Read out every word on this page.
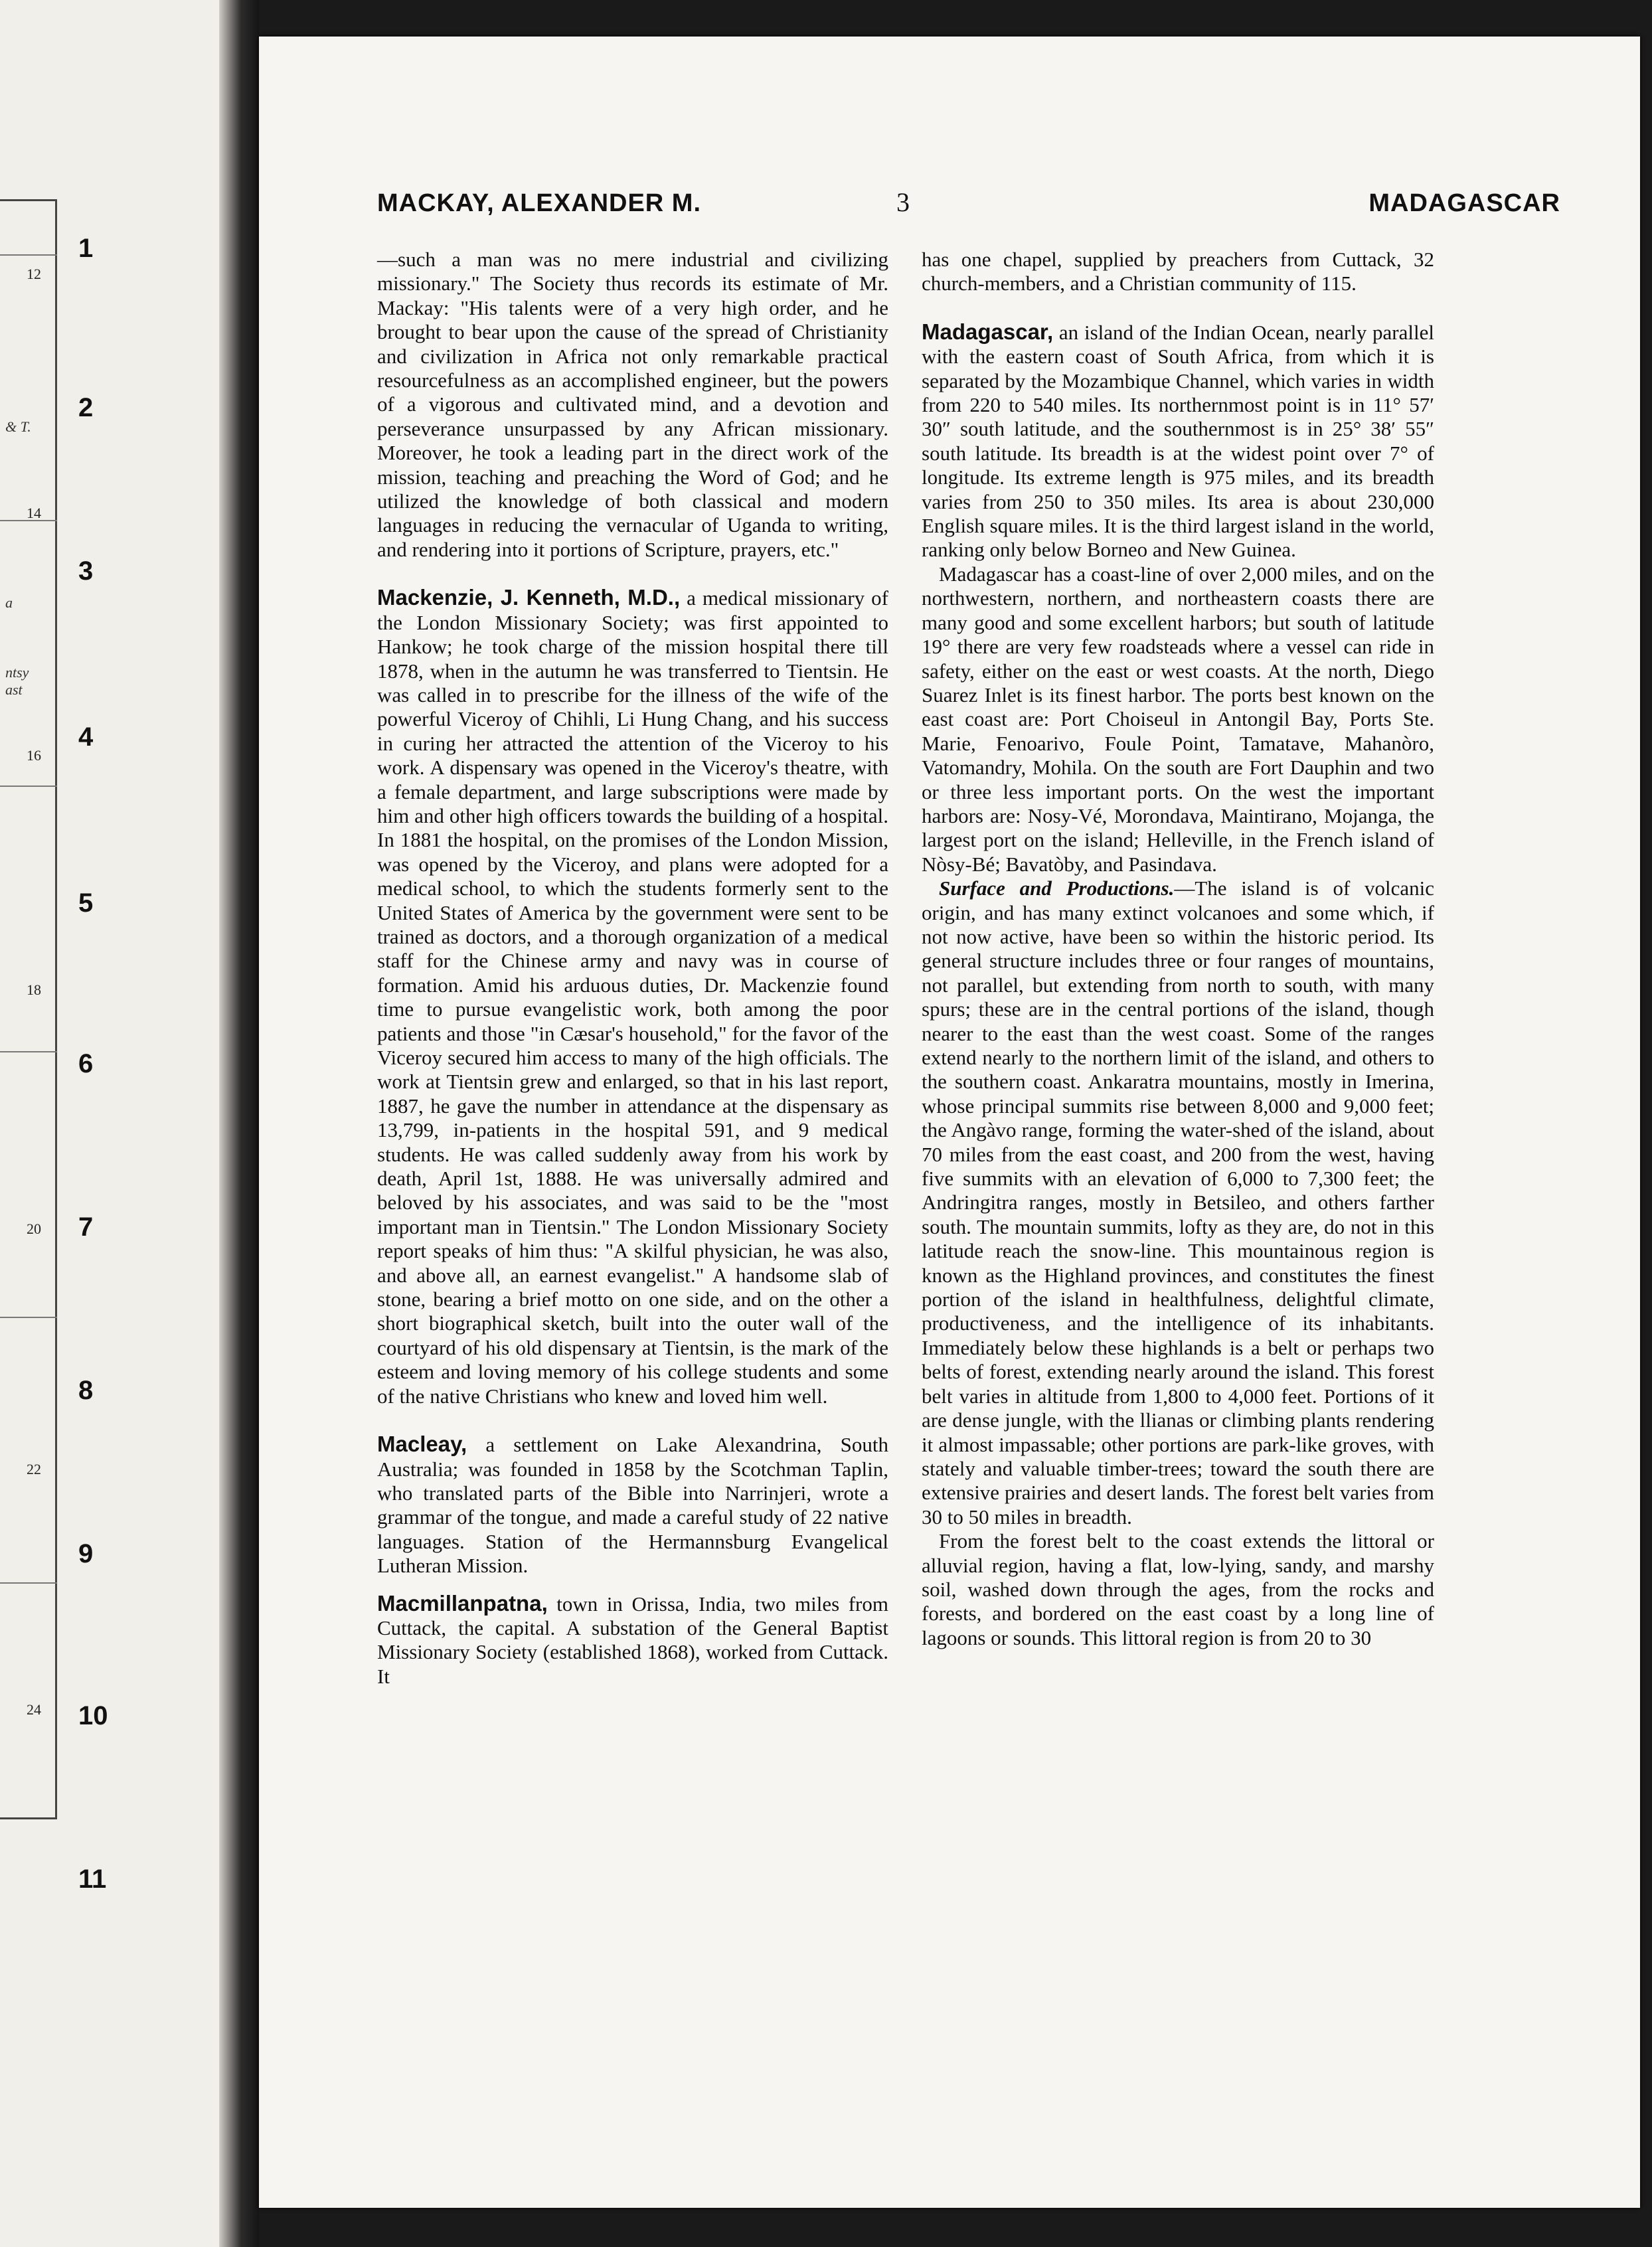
12
14
16
18
20
22
24
& T.
a
ntsy
ast
1
2
3
4
5
6
7
8
9
10
11
MACKAY, ALEXANDER M.	3	MADAGASCAR

—such a man was no mere industrial and civilizing missionary." The Society thus records its estimate of Mr. Mackay: "His talents were of a very high order, and he brought to bear upon the cause of the spread of Christianity and civilization in Africa not only remarkable practical resourcefulness as an accomplished engineer, but the powers of a vigorous and cultivated mind, and a devotion and perseverance unsurpassed by any African missionary. Moreover, he took a leading part in the direct work of the mission, teaching and preaching the Word of God; and he utilized the knowledge of both classical and modern languages in reducing the vernacular of Uganda to writing, and rendering into it portions of Scripture, prayers, etc."

Mackenzie, J. Kenneth, M.D., a medical missionary of the London Missionary Society; was first appointed to Hankow; he took charge of the mission hospital there till 1878, when in the autumn he was transferred to Tientsin. He was called in to prescribe for the illness of the wife of the powerful Viceroy of Chihli, Li Hung Chang, and his success in curing her attracted the attention of the Viceroy to his work. A dispensary was opened in the Viceroy's theatre, with a female department, and large subscriptions were made by him and other high officers towards the building of a hospital. In 1881 the hospital, on the promises of the London Mission, was opened by the Viceroy, and plans were adopted for a medical school, to which the students formerly sent to the United States of America by the government were sent to be trained as doctors, and a thorough organization of a medical staff for the Chinese army and navy was in course of formation. Amid his arduous duties, Dr. Mackenzie found time to pursue evangelistic work, both among the poor patients and those "in Cæsar's household," for the favor of the Viceroy secured him access to many of the high officials. The work at Tientsin grew and enlarged, so that in his last report, 1887, he gave the number in attendance at the dispensary as 13,799, in-patients in the hospital 591, and 9 medical students. He was called suddenly away from his work by death, April 1st, 1888. He was universally admired and beloved by his associates, and was said to be the "most important man in Tientsin." The London Missionary Society report speaks of him thus: "A skilful physician, he was also, and above all, an earnest evangelist." A handsome slab of stone, bearing a brief motto on one side, and on the other a short biographical sketch, built into the outer wall of the courtyard of his old dispensary at Tientsin, is the mark of the esteem and loving memory of his college students and some of the native Christians who knew and loved him well.

Macleay, a settlement on Lake Alexandrina, South Australia; was founded in 1858 by the Scotchman Taplin, who translated parts of the Bible into Narrinjeri, wrote a grammar of the tongue, and made a careful study of 22 native languages. Station of the Hermannsburg Evangelical Lutheran Mission.

Macmillanpatna, town in Orissa, India, two miles from Cuttack, the capital. A substation of the General Baptist Missionary Society (established 1868), worked from Cuttack. It

has one chapel, supplied by preachers from Cuttack, 32 church-members, and a Christian community of 115.

Madagascar, an island of the Indian Ocean, nearly parallel with the eastern coast of South Africa, from which it is separated by the Mozambique Channel, which varies in width from 220 to 540 miles. Its northernmost point is in 11° 57′ 30″ south latitude, and the southernmost is in 25° 38′ 55″ south latitude. Its breadth is at the widest point over 7° of longitude. Its extreme length is 975 miles, and its breadth varies from 250 to 350 miles. Its area is about 230,000 English square miles. It is the third largest island in the world, ranking only below Borneo and New Guinea.

Madagascar has a coast-line of over 2,000 miles, and on the northwestern, northern, and northeastern coasts there are many good and some excellent harbors; but south of latitude 19° there are very few roadsteads where a vessel can ride in safety, either on the east or west coasts. At the north, Diego Suarez Inlet is its finest harbor. The ports best known on the east coast are: Port Choiseul in Antongil Bay, Ports Ste. Marie, Fenoarivo, Foule Point, Tamatave, Mahanòro, Vatomandry, Mohila. On the south are Fort Dauphin and two or three less important ports. On the west the important harbors are: Nosy-Vé, Morondava, Maintirano, Mojanga, the largest port on the island; Helleville, in the French island of Nòsy-Bé; Bavatòby, and Pasindava.

Surface and Productions.—The island is of volcanic origin, and has many extinct volcanoes and some which, if not now active, have been so within the historic period. Its general structure includes three or four ranges of mountains, not parallel, but extending from north to south, with many spurs; these are in the central portions of the island, though nearer to the east than the west coast. Some of the ranges extend nearly to the northern limit of the island, and others to the southern coast. Ankaratra mountains, mostly in Imerina, whose principal summits rise between 8,000 and 9,000 feet; the Angàvo range, forming the water-shed of the island, about 70 miles from the east coast, and 200 from the west, having five summits with an elevation of 6,000 to 7,300 feet; the Andringitra ranges, mostly in Betsileo, and others farther south. The mountain summits, lofty as they are, do not in this latitude reach the snow-line. This mountainous region is known as the Highland provinces, and constitutes the finest portion of the island in healthfulness, delightful climate, productiveness, and the intelligence of its inhabitants. Immediately below these highlands is a belt or perhaps two belts of forest, extending nearly around the island. This forest belt varies in altitude from 1,800 to 4,000 feet. Portions of it are dense jungle, with the llianas or climbing plants rendering it almost impassable; other portions are park-like groves, with stately and valuable timber-trees; toward the south there are extensive prairies and desert lands. The forest belt varies from 30 to 50 miles in breadth.

From the forest belt to the coast extends the littoral or alluvial region, having a flat, low-lying, sandy, and marshy soil, washed down through the ages, from the rocks and forests, and bordered on the east coast by a long line of lagoons or sounds. This littoral region is from 20 to 30
